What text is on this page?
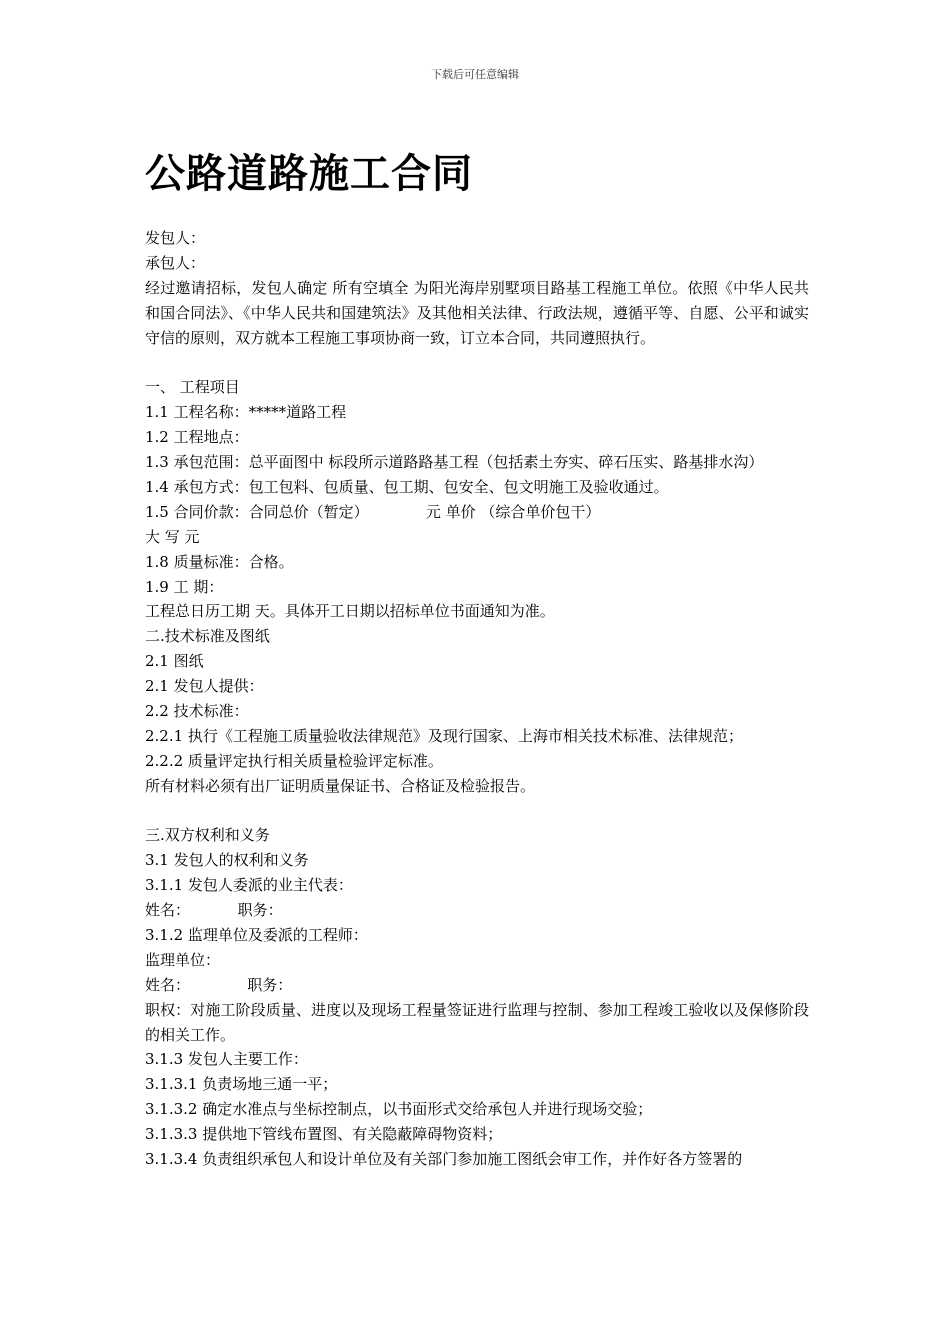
下载后可任意编辑
公路道路施工合同
发包人：
承包人：
经过邀请招标，发包人确定 所有空填全 为阳光海岸别墅项目路基工程施工单位。依照《中华人民共和国合同法》、《中华人民共和国建筑法》及其他相关法律、行政法规，遵循平等、自愿、公平和诚实守信的原则，双方就本工程施工事项协商一致，订立本合同，共同遵照执行。
一、 工程项目
1.1 工程名称：*****道路工程
1.2 工程地点：
1.3 承包范围：总平面图中 标段所示道路路基工程（包括素土夯实、碎石压实、路基排水沟）
1.4 承包方式：包工包料、包质量、包工期、包安全、包文明施工及验收通过。
1.5 合同价款：合同总价（暂定）            元 单价 （综合单价包干）
大 写 元
1.8 质量标准：合格。
1.9 工 期：
工程总日历工期 天。具体开工日期以招标单位书面通知为准。
二.技术标准及图纸
2.1 图纸
2.1 发包人提供：
2.2 技术标准：
2.2.1 执行《工程施工质量验收法律规范》及现行国家、上海市相关技术标准、法律规范；
2.2.2 质量评定执行相关质量检验评定标准。
所有材料必须有出厂证明质量保证书、合格证及检验报告。
三.双方权利和义务
3.1 发包人的权利和义务
3.1.1 发包人委派的业主代表：
姓名：          职务：
3.1.2 监理单位及委派的工程师：
监理单位：
姓名：            职务：
职权：对施工阶段质量、进度以及现场工程量签证进行监理与控制、参加工程竣工验收以及保修阶段的相关工作。
3.1.3 发包人主要工作：
3.1.3.1 负责场地三通一平；
3.1.3.2 确定水准点与坐标控制点，以书面形式交给承包人并进行现场交验；
3.1.3.3 提供地下管线布置图、有关隐蔽障碍物资料；
3.1.3.4 负责组织承包人和设计单位及有关部门参加施工图纸会审工作，并作好各方签署的
